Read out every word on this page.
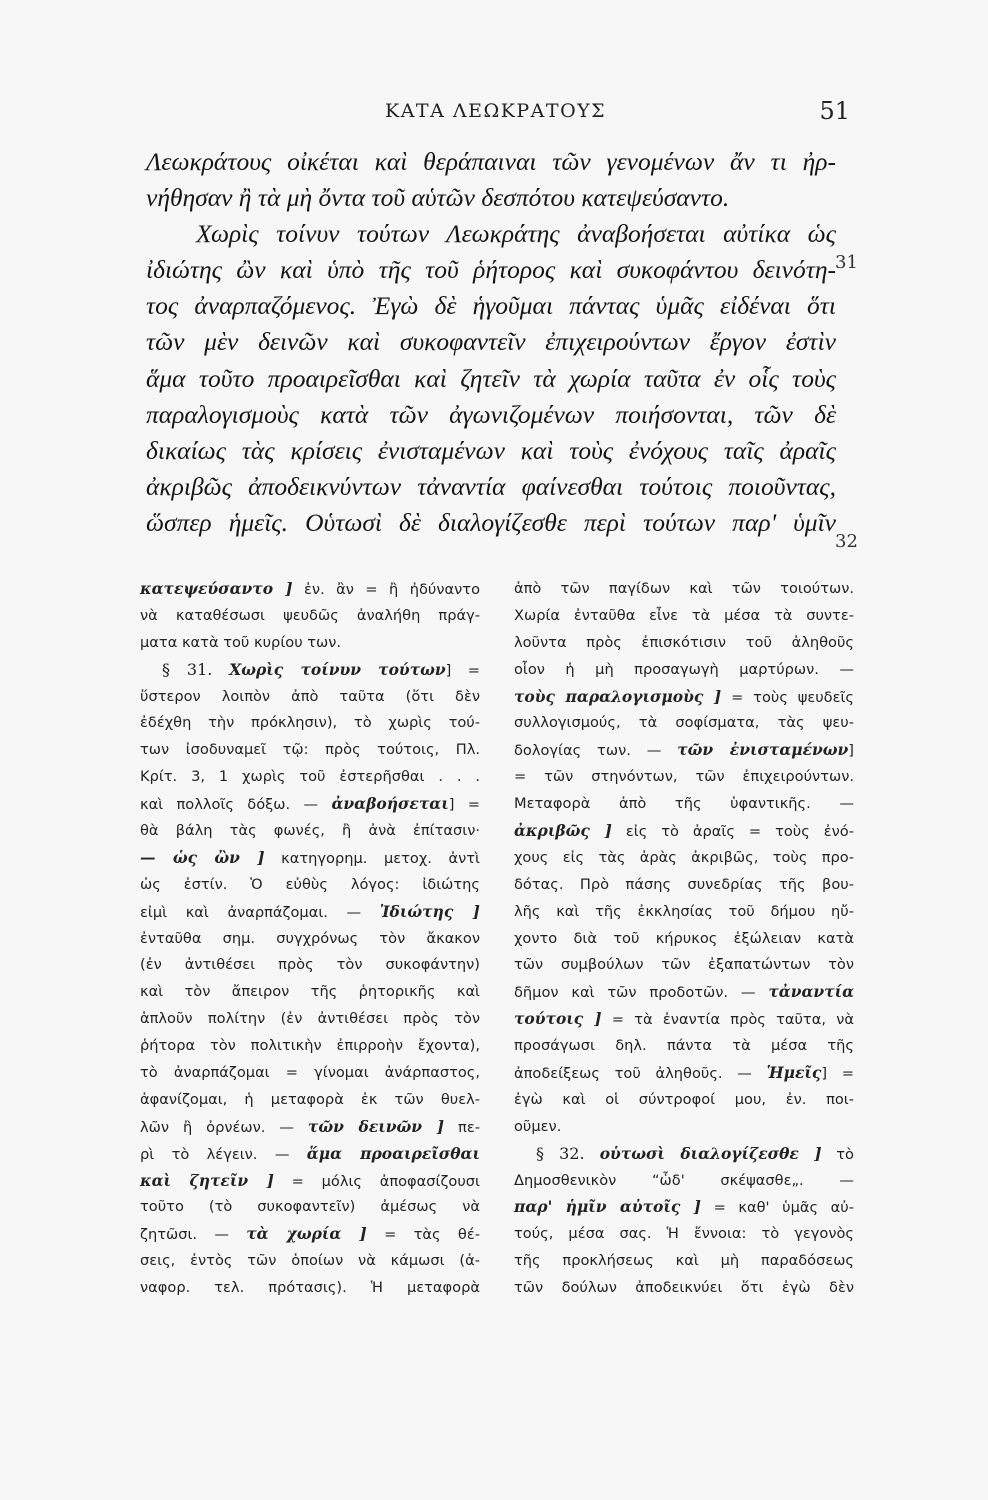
ΚΑΤΑ ΛΕΩΚΡΑΤΟΥΣ	51
Λεωκράτους οἰκέται καὶ θεράπαιναι τῶν γενομένων ἄν τι ἠρ-
νήθησαν ἢ τὰ μὴ ὄντα τοῦ αὑτῶν δεσπότου κατεψεύσαντο.
Χωρὶς τοίνυν τούτων Λεωκράτης ἀναβοήσεται αὐτίκα ὡς
ἰδιώτης ὢν καὶ ὑπὸ τῆς τοῦ ῥήτορος καὶ συκοφάντου δεινότη-
τος ἀναρπαζόμενος. Ἐγὼ δὲ ἡγοῦμαι πάντας ὑμᾶς εἰδέναι ὅτι
τῶν μὲν δεινῶν καὶ συκοφαντεῖν ἐπιχειρούντων ἔργον ἐστὶν
ἅμα τοῦτο προαιρεῖσθαι καὶ ζητεῖν τὰ χωρία ταῦτα ἐν οἷς τοὺς
παραλογισμοὺς κατὰ τῶν ἀγωνιζομένων ποιήσονται, τῶν δὲ
δικαίως τὰς κρίσεις ἐνισταμένων καὶ τοὺς ἐνόχους ταῖς ἀραῖς
ἀκριβῶς ἀποδεικνύντων τἀναντία φαίνεσθαι τούτοις ποιοῦντας,
ὥσπερ ἡμεῖς. Οὑτωσὶ δὲ διαλογίζεσθε περὶ τούτων παρ' ὑμῖν
31
32
κατεψεύσαντο ] ἐν. ἂν = ἢ ἠδύναντο
νὰ καταθέσωσι ψευδῶς ἀναλήθη πράγ-
ματα κατὰ τοῦ κυρίου των.
§ 31. Χωρὶς τοίνυν τούτων] =
ὕστερον λοιπὸν ἀπὸ ταῦτα (ὅτι δὲν
ἐδέχθη τὴν πρόκλησιν), τὸ χωρὶς τού-
των ἰσοδυναμεῖ τῷ: πρὸς τούτοις, Πλ.
Κρίτ. 3, 1 χωρὶς τοῦ ἐστερῆσθαι . . .
καὶ πολλοῖς δόξω. — ἀναβοήσεται] =
θὰ βάλη τὰς φωνές, ἢ ἀνὰ ἐπίτασιν·
— ὡς ὢν ] κατηγορημ. μετοχ. ἀντὶ
ὡς ἐστίν. Ὁ εὐθὺς λόγος: ἰδιώτης
εἰμὶ καὶ ἀναρπάζομαι. — Ἰδιώτης ]
ἐνταῦθα σημ. συγχρόνως τὸν ἄκακον
(ἐν ἀντιθέσει πρὸς τὸν συκοφάντην)
καὶ τὸν ἄπειρον τῆς ῥητορικῆς καὶ
ἁπλοῦν πολίτην (ἐν ἀντιθέσει πρὸς τὸν
ῥήτορα τὸν πολιτικὴν ἐπιρροὴν ἔχοντα),
τὸ ἀναρπάζομαι = γίνομαι ἀνάρπαστος,
ἀφανίζομαι, ἡ μεταφορὰ ἐκ τῶν θυελ-
λῶν ἢ ὀρνέων. — τῶν δεινῶν ] πε-
ρὶ τὸ λέγειν. — ἅμα προαιρεῖσθαι
καὶ ζητεῖν ] = μόλις ἀποφασίζουσι
τοῦτο (τὸ συκοφαντεῖν) ἀμέσως νὰ
ζητῶσι. — τὰ χωρία ] = τὰς θέ-
σεις, ἐντὸς τῶν ὁποίων νὰ κάμωσι (ἀ-
ναφορ. τελ. πρότασις). Ἡ μεταφορὰ
ἀπὸ τῶν παγίδων καὶ τῶν τοιούτων.
Χωρία ἐνταῦθα εἶνε τὰ μέσα τὰ συντε-
λοῦντα πρὸς ἐπισκότισιν τοῦ ἀληθοῦς
οἷον ἡ μὴ προσαγωγὴ μαρτύρων. —
τοὺς παραλογισμοὺς ] = τοὺς ψευδεῖς
συλλογισμούς, τὰ σοφίσματα, τὰς ψευ-
δολογίας των. — τῶν ἐνισταμένων]
= τῶν στηνόντων, τῶν ἐπιχειρούντων.
Μεταφορὰ ἀπὸ τῆς ὑφαντικῆς. —
ἀκριβῶς ] εἰς τὸ ἀραῖς = τοὺς ἐνό-
χους εἰς τὰς ἀρὰς ἀκριβῶς, τοὺς προ-
δότας. Πρὸ πάσης συνεδρίας τῆς βου-
λῆς καὶ τῆς ἐκκλησίας τοῦ δήμου ηὔ-
χοντο διὰ τοῦ κήρυκος ἐξώλειαν κατὰ
τῶν συμβούλων τῶν ἐξαπατώντων τὸν
δῆμον καὶ τῶν προδοτῶν. — τἀναντία
τούτοις ] = τὰ ἐναντία πρὸς ταῦτα, νὰ
προσάγωσι δηλ. πάντα τὰ μέσα τῆς
ἀποδείξεως τοῦ ἀληθοῦς. — Ἡμεῖς] =
ἐγὼ καὶ οἱ σύντροφοί μου, ἐν. ποι-
οῦμεν.
§ 32. οὑτωσὶ διαλογίζεσθε ] τὸ
Δημοσθενικὸν “ὧδ' σκέψασθε„. —
παρ' ἡμῖν αὐτοῖς ] = καθ' ὑμᾶς αὐ-
τούς, μέσα σας. Ἡ ἔννοια: τὸ γεγονὸς
τῆς προκλήσεως καὶ μὴ παραδόσεως
τῶν δούλων ἀποδεικνύει ὅτι ἐγὼ δὲν
